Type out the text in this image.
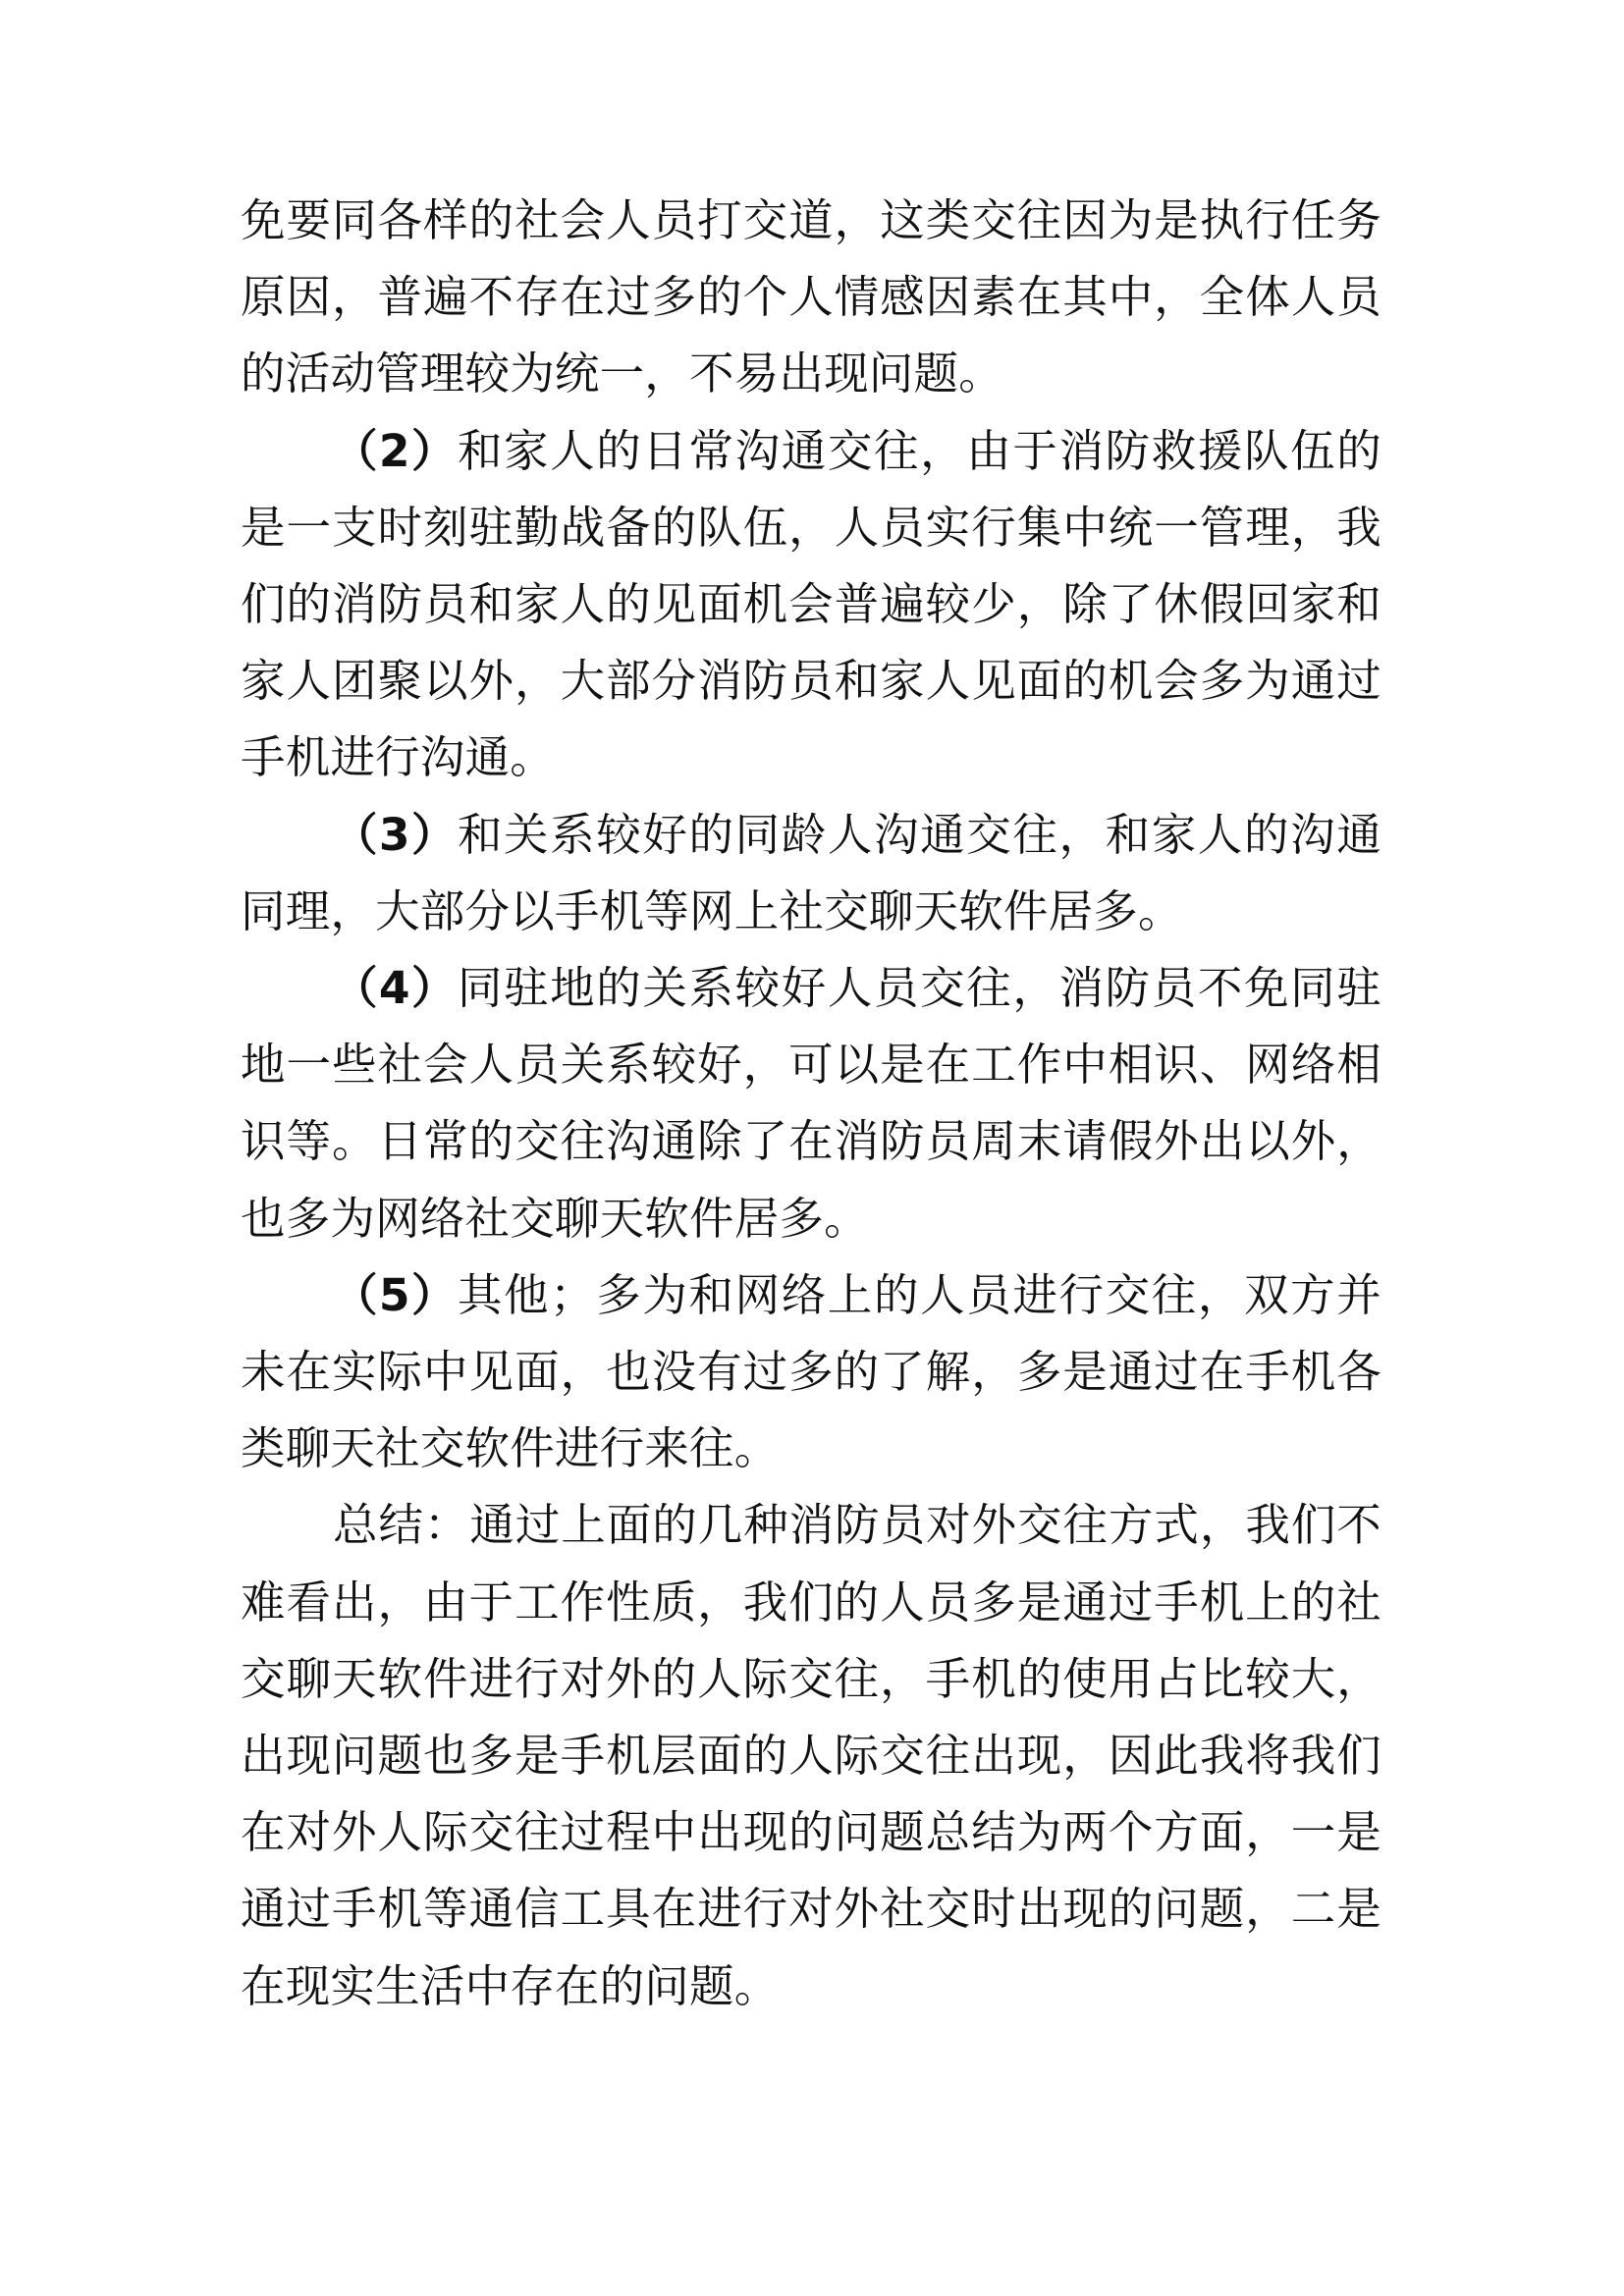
免要同各样的社会人员打交道，这类交往因为是执行任务原因，普遍不存在过多的个人情感因素在其中，全体人员的活动管理较为统一，不易出现问题。

（2）和家人的日常沟通交往，由于消防救援队伍的是一支时刻驻勤战备的队伍，人员实行集中统一管理，我们的消防员和家人的见面机会普遍较少，除了休假回家和家人团聚以外，大部分消防员和家人见面的机会多为通过手机进行沟通。

（3）和关系较好的同龄人沟通交往，和家人的沟通同理，大部分以手机等网上社交聊天软件居多。

（4）同驻地的关系较好人员交往，消防员不免同驻地一些社会人员关系较好，可以是在工作中相识、网络相识等。日常的交往沟通除了在消防员周末请假外出以外，也多为网络社交聊天软件居多。

（5）其他；多为和网络上的人员进行交往，双方并未在实际中见面，也没有过多的了解，多是通过在手机各类聊天社交软件进行来往。

总结：通过上面的几种消防员对外交往方式，我们不难看出，由于工作性质，我们的人员多是通过手机上的社交聊天软件进行对外的人际交往，手机的使用占比较大，出现问题也多是手机层面的人际交往出现，因此我将我们在对外人际交往过程中出现的问题总结为两个方面，一是通过手机等通信工具在进行对外社交时出现的问题，二是在现实生活中存在的问题。
